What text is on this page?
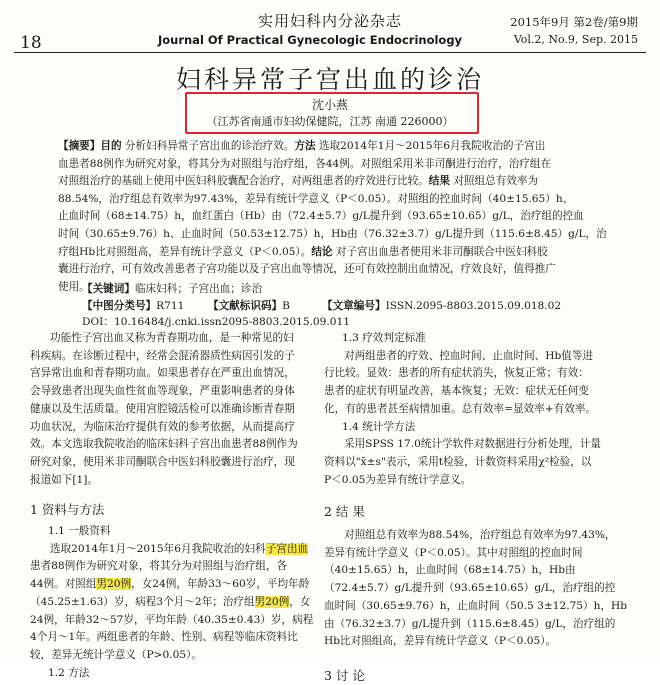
18
实用妇科内分泌杂志
Journal Of Practical Gynecologic Endocrinology
2015年9月 第2卷/第9期
Vol.2, No.9, Sep. 2015
妇科异常子宫出血的诊治
沈小燕
（江苏省南通市妇幼保健院，江苏 南通 226000）
【摘要】目的 分析妇科异常子宫出血的诊治疗效。方法 选取2014年1月～2015年6月我院收治的子宫出
血患者88例作为研究对象，将其分为对照组与治疗组，各44例。对照组采用米非司酮进行治疗，治疗组在
对照组治疗的基础上使用中医妇科胶囊配合治疗，对两组患者的疗效进行比较。结果 对照组总有效率为
88.54%，治疗组总有效率为97.43%，差异有统计学意义（P＜0.05）。对照组的控血时间（40±15.65）h、
止血时间（68±14.75）h，血红蛋白（Hb）由（72.4±5.7）g/L提升到（93.65±10.65）g/L，治疗组的控血
时间（30.65±9.76）h、止血时间（50.53±12.75）h，Hb由（76.32±3.7）g/L提升到（115.6±8.45）g/L，治
疗组Hb比对照组高，差异有统计学意义（P＜0.05）。结论 对子宫出血患者使用米非司酮联合中医妇科胶
囊进行治疗，可有效改善患者子宫功能以及子宫出血等情况，还可有效控制出血情况，疗效良好，值得推广
使用。
【关键词】临床妇科；子宫出血；诊治
【中图分类号】R711 【文献标识码】B	【文章编号】ISSN.2095-8803.2015.09.018.02
DOI：10.16484/j.cnki.issn2095-8803.2015.09.011
功能性子宫出血又称为青春期功血，是一种常见的妇
科疾病。在诊断过程中，经常会混淆器质性病因引发的子
宫异常出血和青春期功血。如果患者存在严重出血情况，
会导致患者出现失血性贫血等现象，严重影响患者的身体
健康以及生活质量。使用宫腔镜活检可以准确诊断青春期
功血状况，为临床治疗提供有效的参考依据，从而提高疗
效。本文选取我院收治的临床妇科子宫出血患者88例作为
研究对象，使用米非司酮联合中医妇科胶囊进行治疗，现
报道如下[1]。
1 资料与方法
1.1 一般资料
选取2014年1月～2015年6月我院收治的妇科子宫出血
患者88例作为研究对象，将其分为对照组与治疗组，各
44例。对照组男20例，女24例，年龄33～60岁，平均年龄
（45.25±1.63）岁，病程3个月～2年；治疗组男20例，女
24例，年龄32～57岁，平均年龄（40.35±0.43）岁，病程
4个月～1年。两组患者的年龄、性别、病程等临床资料比
较，差异无统计学意义（P>0.05）。
1.2 方法
1.3 疗效判定标准
对两组患者的疗效、控血时间、止血时间、Hb值等进
行比较。显效：患者的所有症状消失，恢复正常；有效：
患者的症状有明显改善，基本恢复；无效：症状无任何变
化，有的患者甚至病情加重。总有效率=显效率+有效率。
1.4 统计学方法
采用SPSS 17.0统计学软件对数据进行分析处理，计量
资料以"x̄±s"表示，采用t检验，计数资料采用χ²检验，以
P＜0.05为差异有统计学意义。
2 结 果
对照组总有效率为88.54%，治疗组总有效率为97.43%，
差异有统计学意义（P＜0.05）。其中对照组的控血时间
（40±15.65）h，止血时间（68±14.75）h，Hb由
（72.4±5.7）g/L提升到（93.65±10.65）g/L，治疗组的控
血时间（30.65±9.76）h，止血时间（50.5 3±12.75）h，Hb
由（76.32±3.7）g/L提升到（115.6±8.45）g/L，治疗组的
Hb比对照组高，差异有统计学意义（P＜0.05）。
3 讨 论
